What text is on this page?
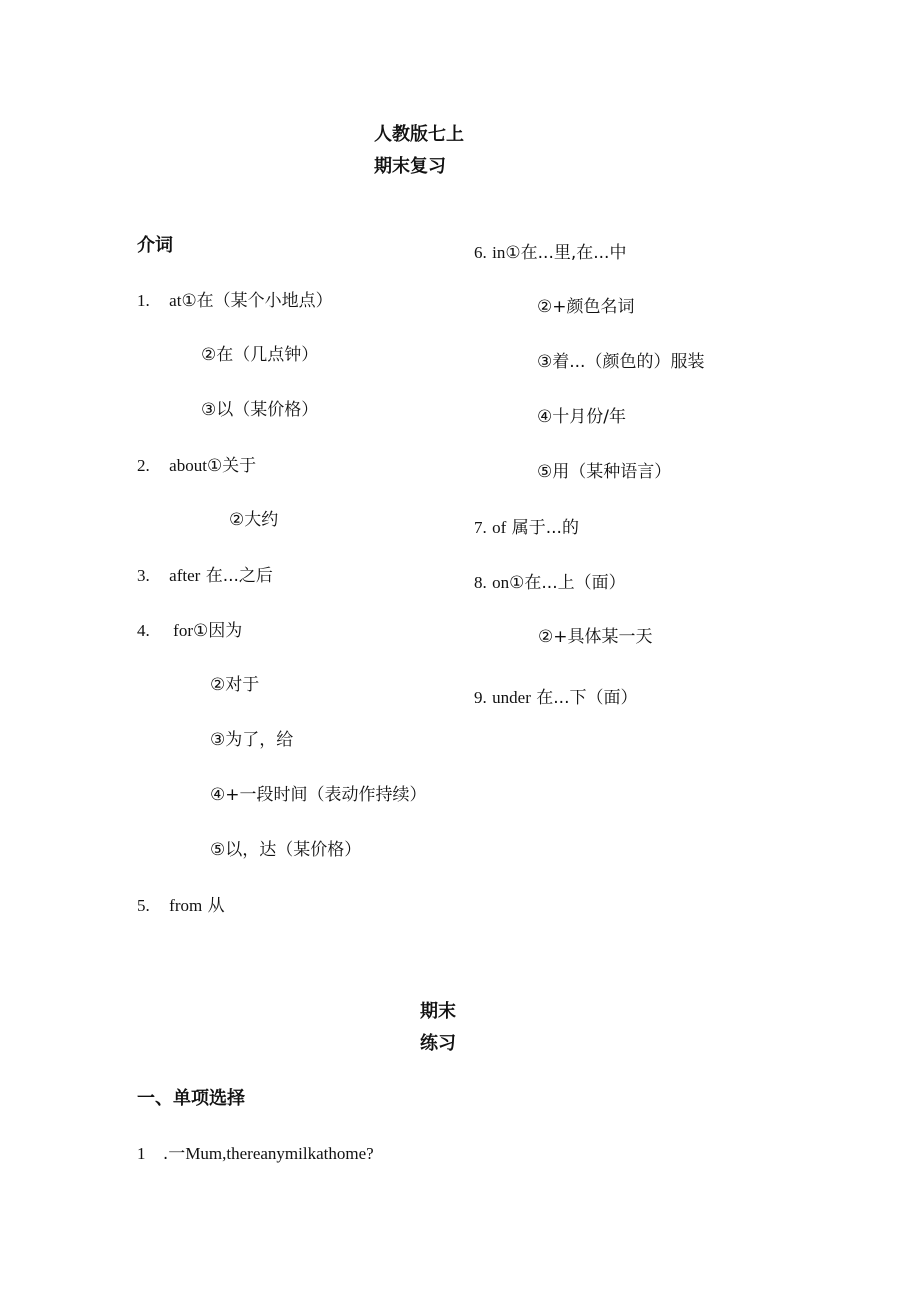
人教版七上
期末复习
介词
1. at①在（某个小地点）
②在（几点钟）
③以（某价格）
2. about①关于
②大约
3. after 在...之后
4. for①因为
②对于
③为了，给
④+一段时间（表动作持续）
⑤以，达（某价格）
5. from 从
6. in①在...里,在...中
②+颜色名词
③着...（颜色的）服装
④十月份/年
⑤用（某种语言）
7. of 属于...的
8. on①在...上（面）
②+具体某一天
9. under 在...下（面）
期末
练习
一、单项选择
1 .一Mum,thereanymilkathome?
